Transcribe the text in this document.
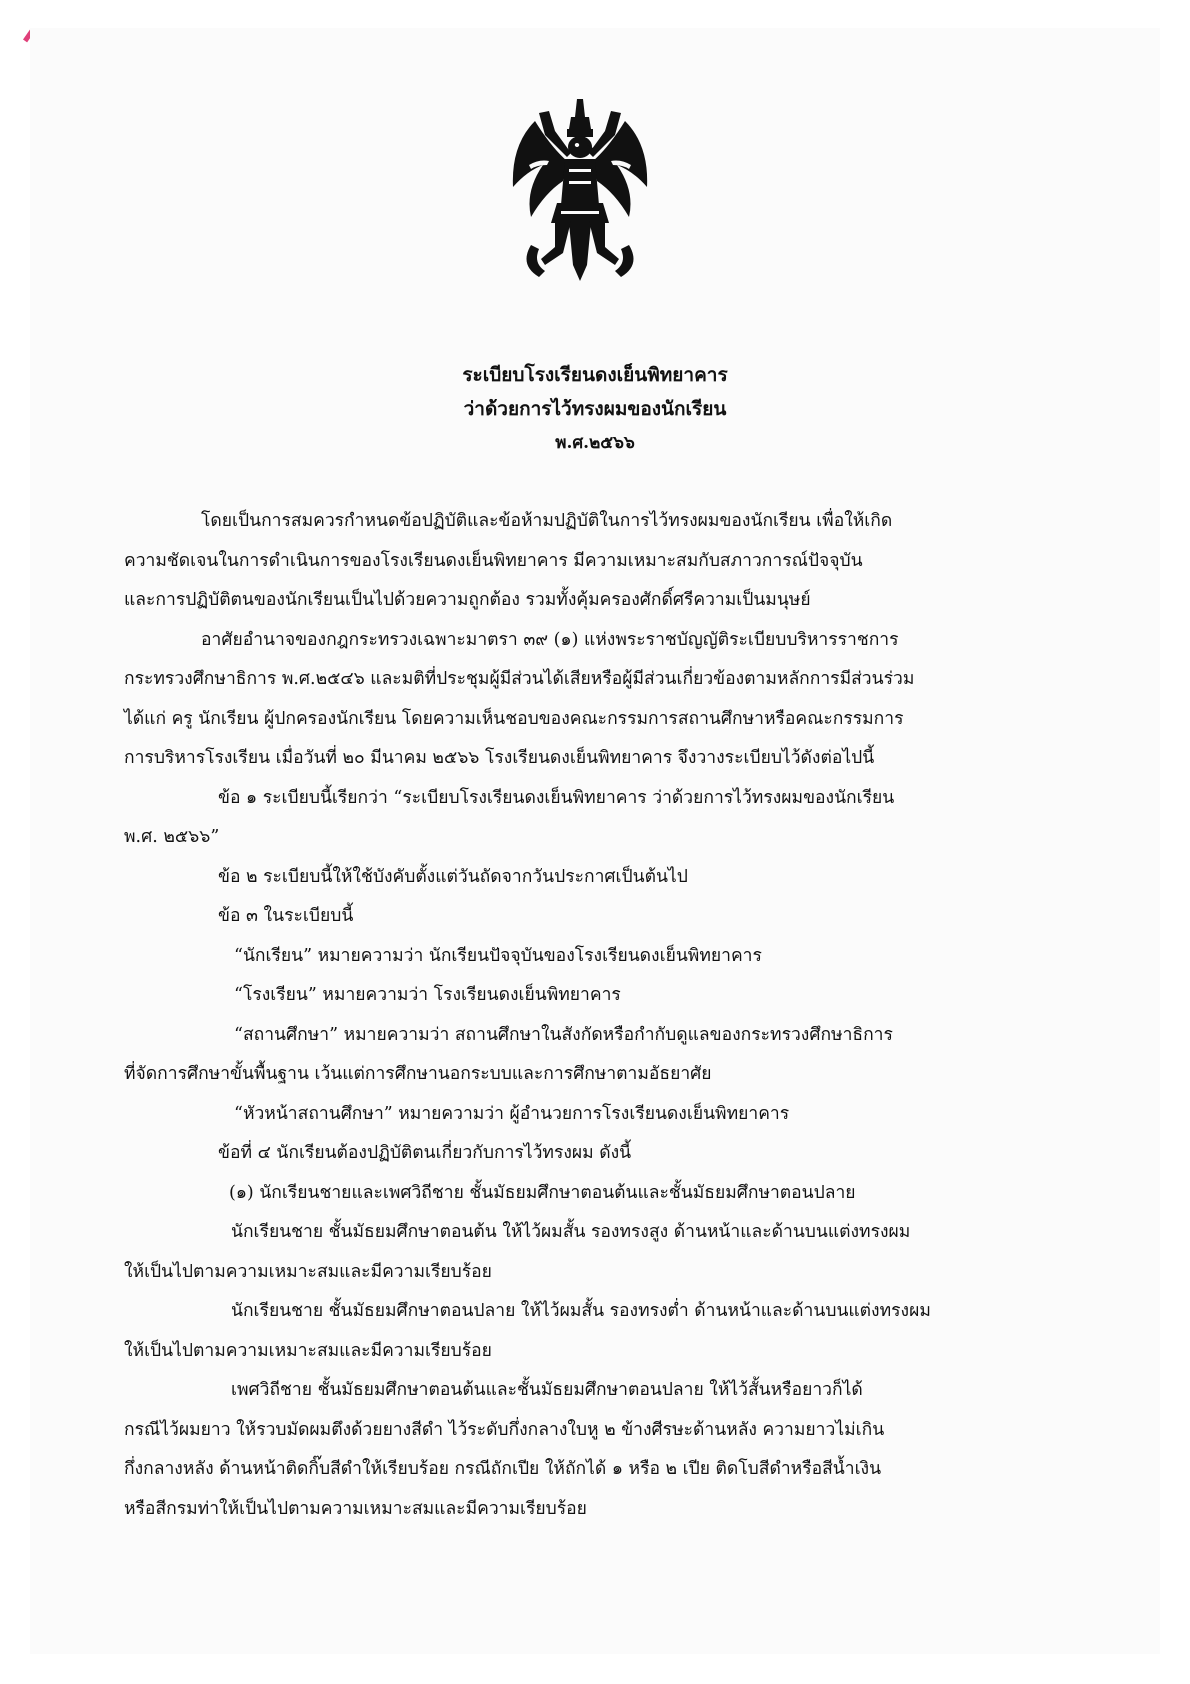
ระเบียบโรงเรียนดงเย็นพิทยาคาร
ว่าด้วยการไว้ทรงผมของนักเรียน
พ.ศ.๒๕๖๖
โดยเป็นการสมควรกำหนดข้อปฏิบัติและข้อห้ามปฏิบัติในการไว้ทรงผมของนักเรียน เพื่อให้เกิด
ความชัดเจนในการดำเนินการของโรงเรียนดงเย็นพิทยาคาร มีความเหมาะสมกับสภาวการณ์ปัจจุบัน
และการปฏิบัติตนของนักเรียนเป็นไปด้วยความถูกต้อง รวมทั้งคุ้มครองศักดิ์ศรีความเป็นมนุษย์
อาศัยอำนาจของกฎกระทรวงเฉพาะมาตรา ๓๙ (๑) แห่งพระราชบัญญัติระเบียบบริหารราชการ
กระทรวงศึกษาธิการ พ.ศ.๒๕๔๖ และมติที่ประชุมผู้มีส่วนได้เสียหรือผู้มีส่วนเกี่ยวข้องตามหลักการมีส่วนร่วม
ได้แก่ ครู นักเรียน ผู้ปกครองนักเรียน โดยความเห็นชอบของคณะกรรมการสถานศึกษาหรือคณะกรรมการ
การบริหารโรงเรียน เมื่อวันที่ ๒๐ มีนาคม ๒๕๖๖ โรงเรียนดงเย็นพิทยาคาร จึงวางระเบียบไว้ดังต่อไปนี้
ข้อ ๑ ระเบียบนี้เรียกว่า “ระเบียบโรงเรียนดงเย็นพิทยาคาร ว่าด้วยการไว้ทรงผมของนักเรียน
พ.ศ. ๒๕๖๖”
ข้อ ๒ ระเบียบนี้ให้ใช้บังคับตั้งแต่วันถัดจากวันประกาศเป็นต้นไป
ข้อ ๓ ในระเบียบนี้
“นักเรียน” หมายความว่า นักเรียนปัจจุบันของโรงเรียนดงเย็นพิทยาคาร
“โรงเรียน” หมายความว่า โรงเรียนดงเย็นพิทยาคาร
“สถานศึกษา” หมายความว่า สถานศึกษาในสังกัดหรือกำกับดูแลของกระทรวงศึกษาธิการ
ที่จัดการศึกษาขั้นพื้นฐาน เว้นแต่การศึกษานอกระบบและการศึกษาตามอัธยาศัย
“หัวหน้าสถานศึกษา” หมายความว่า ผู้อำนวยการโรงเรียนดงเย็นพิทยาคาร
ข้อที่ ๔ นักเรียนต้องปฏิบัติตนเกี่ยวกับการไว้ทรงผม ดังนี้
(๑) นักเรียนชายและเพศวิถีชาย ชั้นมัธยมศึกษาตอนต้นและชั้นมัธยมศึกษาตอนปลาย
นักเรียนชาย ชั้นมัธยมศึกษาตอนต้น ให้ไว้ผมสั้น รองทรงสูง ด้านหน้าและด้านบนแต่งทรงผม
ให้เป็นไปตามความเหมาะสมและมีความเรียบร้อย
นักเรียนชาย ชั้นมัธยมศึกษาตอนปลาย ให้ไว้ผมสั้น รองทรงต่ำ ด้านหน้าและด้านบนแต่งทรงผม
ให้เป็นไปตามความเหมาะสมและมีความเรียบร้อย
เพศวิถีชาย ชั้นมัธยมศึกษาตอนต้นและชั้นมัธยมศึกษาตอนปลาย ให้ไว้สั้นหรือยาวก็ได้
กรณีไว้ผมยาว ให้รวบมัดผมตึงด้วยยางสีดำ ไว้ระดับกึ่งกลางใบหู ๒ ข้างศีรษะด้านหลัง ความยาวไม่เกิน
กึ่งกลางหลัง ด้านหน้าติดกิ๊บสีดำให้เรียบร้อย กรณีถักเปีย ให้ถักได้ ๑ หรือ ๒ เปีย ติดโบสีดำหรือสีน้ำเงิน
หรือสีกรมท่าให้เป็นไปตามความเหมาะสมและมีความเรียบร้อย
